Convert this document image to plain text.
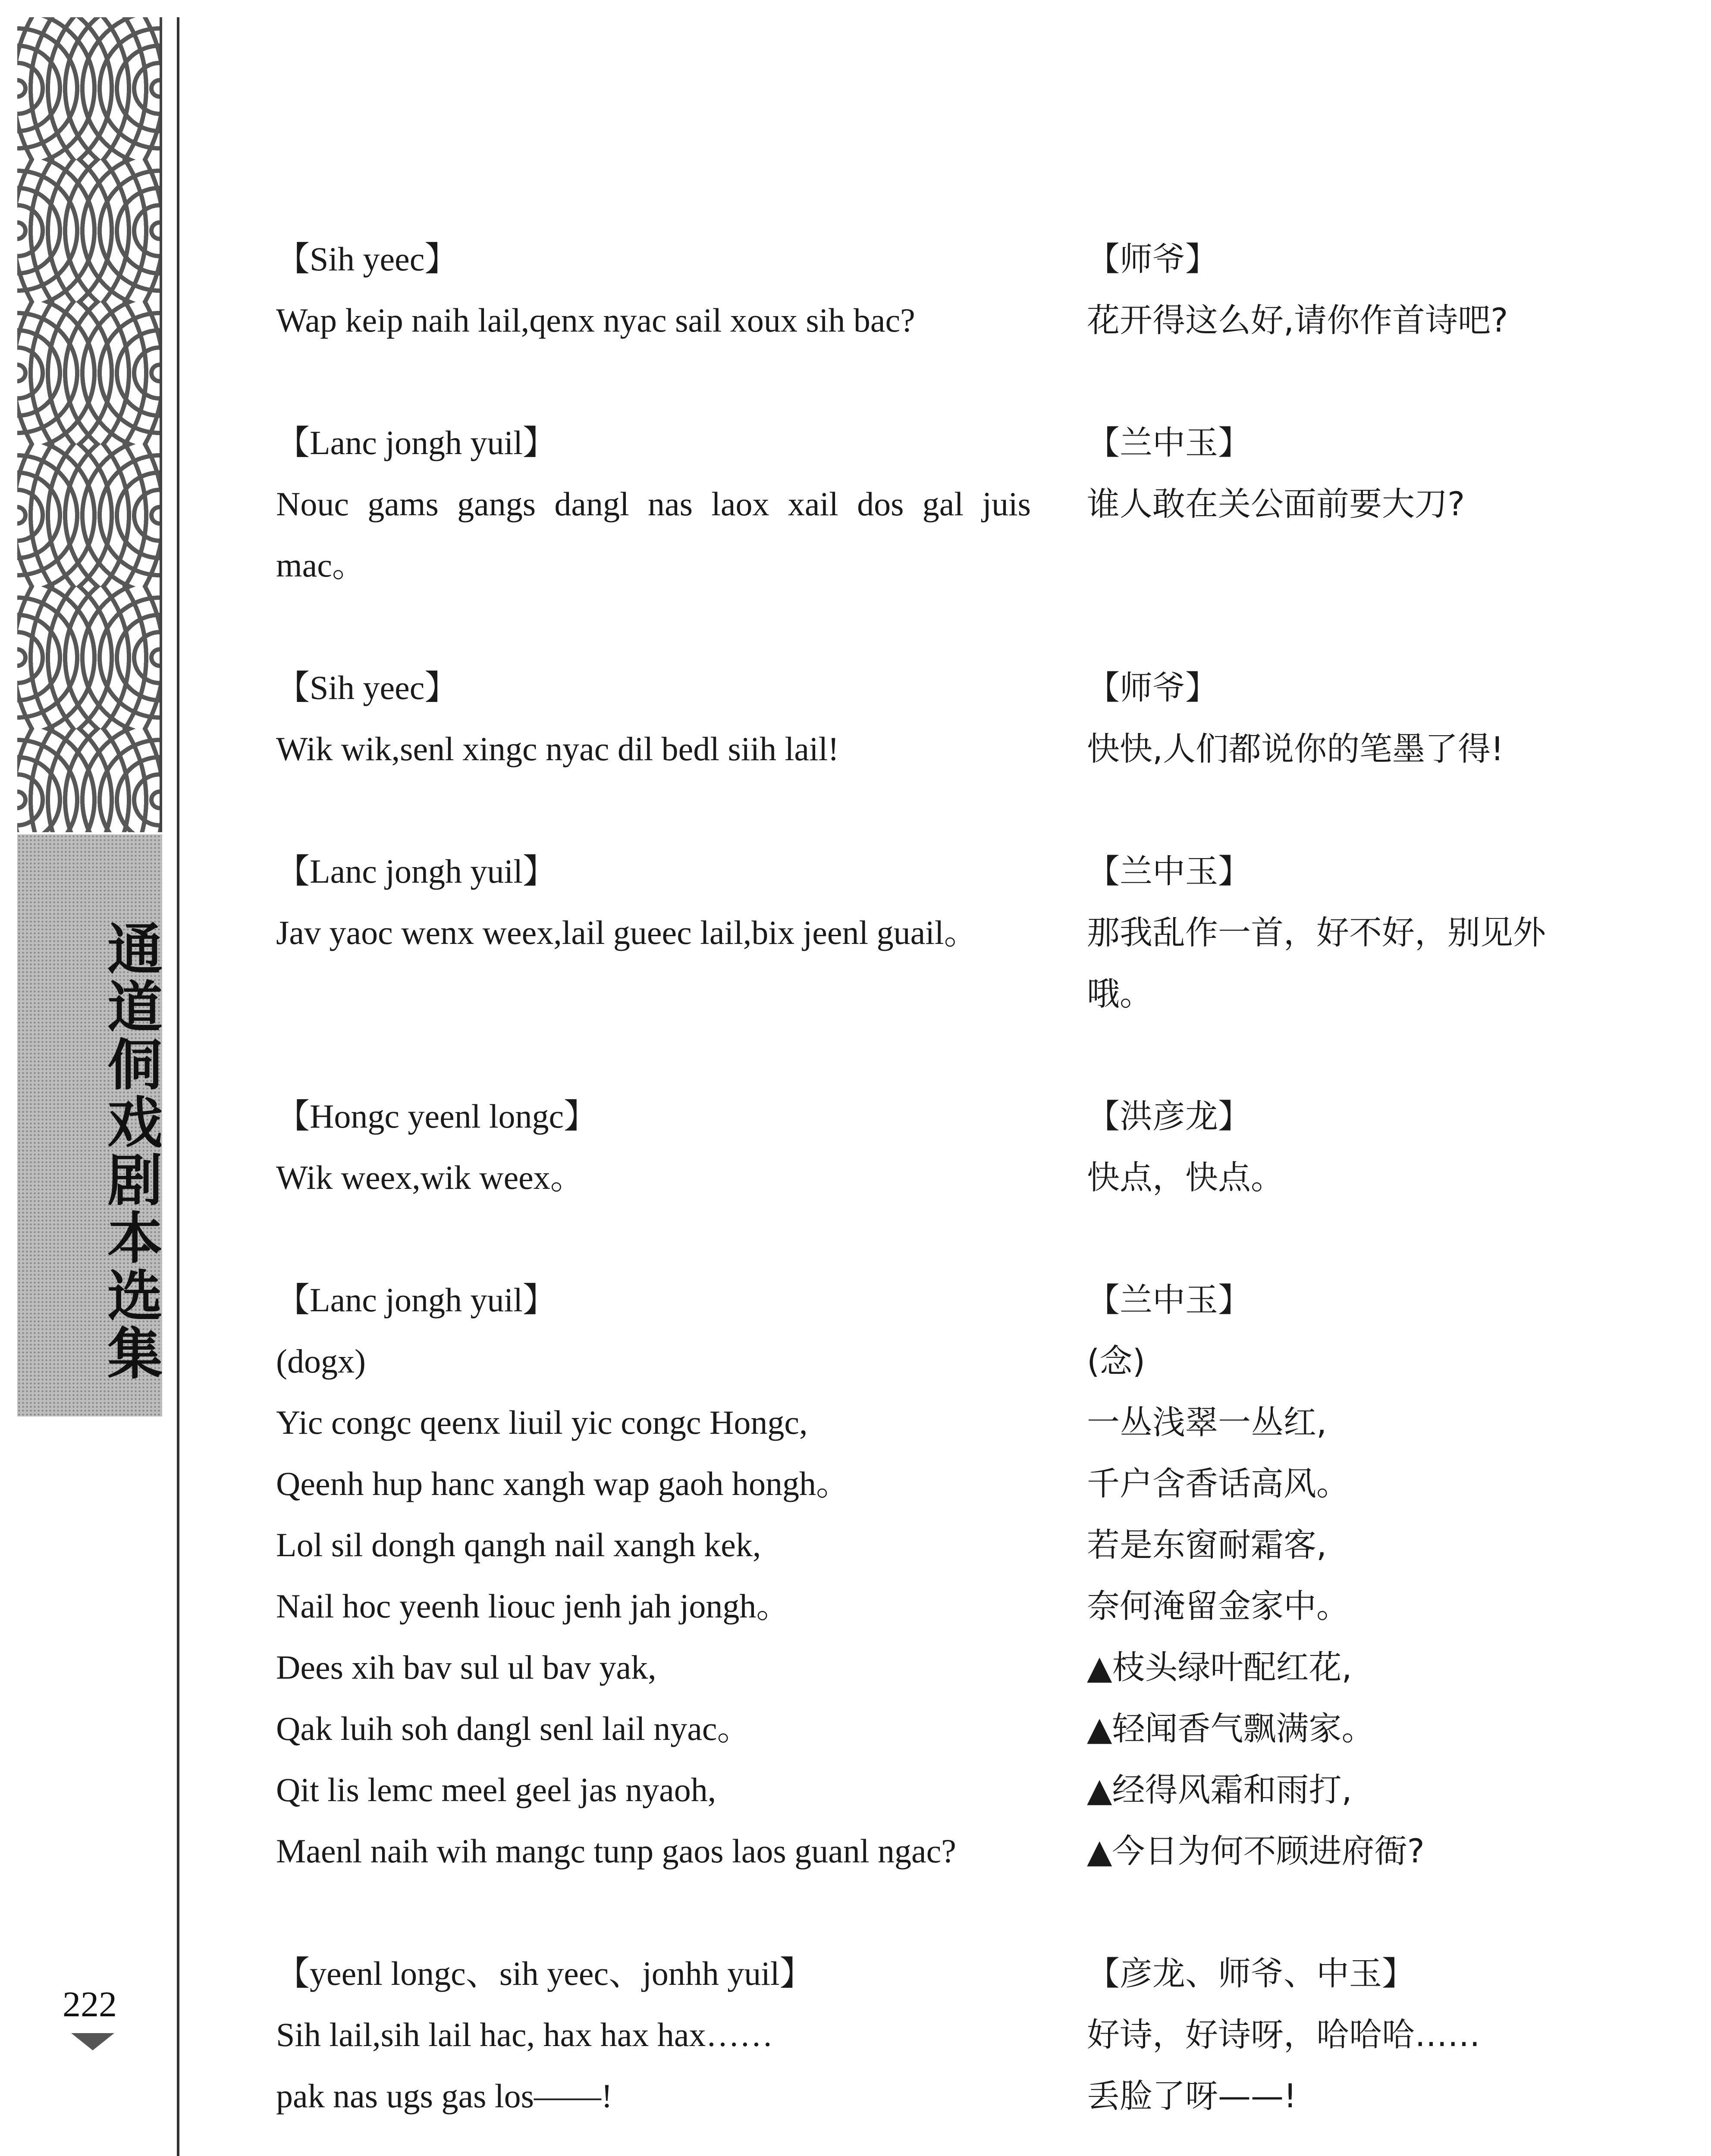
通道侗戏剧本选集
222
【Sih yeec】
Wap keip naih lail,qenx nyac sail xoux sih bac?
【师爷】
花开得这么好,请你作首诗吧?
【Lanc jongh yuil】
Nouc gams gangs dangl nas laox xail dos gal juis mac。
【兰中玉】
谁人敢在关公面前要大刀?
【Sih yeec】
Wik wik,senl xingc nyac dil bedl siih lail!
【师爷】
快快,人们都说你的笔墨了得!
【Lanc jongh yuil】
Jav yaoc wenx weex,lail gueec lail,bix jeenl guail。
【兰中玉】
那我乱作一首，好不好，别见外哦。
【Hongc yeenl longc】
Wik weex,wik weex。
【洪彦龙】
快点，快点。
【Lanc jongh yuil】
(dogx)
Yic congc qeenx liuil yic congc Hongc,
Qeenh hup hanc xangh wap gaoh hongh。
Lol sil dongh qangh nail xangh kek,
Nail hoc yeenh liouc jenh jah jongh。
Dees xih bav sul ul bav yak,
Qak luih soh dangl senl lail nyac。
Qit lis lemc meel geel jas nyaoh,
Maenl naih wih mangc tunp gaos laos guanl ngac?
【兰中玉】
(念)
一丛浅翠一丛红,
千户含香话高风。
若是东窗耐霜客,
奈何淹留金家中。
▲枝头绿叶配红花,
▲轻闻香气飘满家。
▲经得风霜和雨打,
▲今日为何不顾进府衙?
【yeenl longc、sih yeec、jonhh yuil】
Sih lail,sih lail hac, hax hax hax……
pak nas ugs gas los——!
【彦龙、师爷、中玉】
好诗，好诗呀，哈哈哈……
丢脸了呀——!
